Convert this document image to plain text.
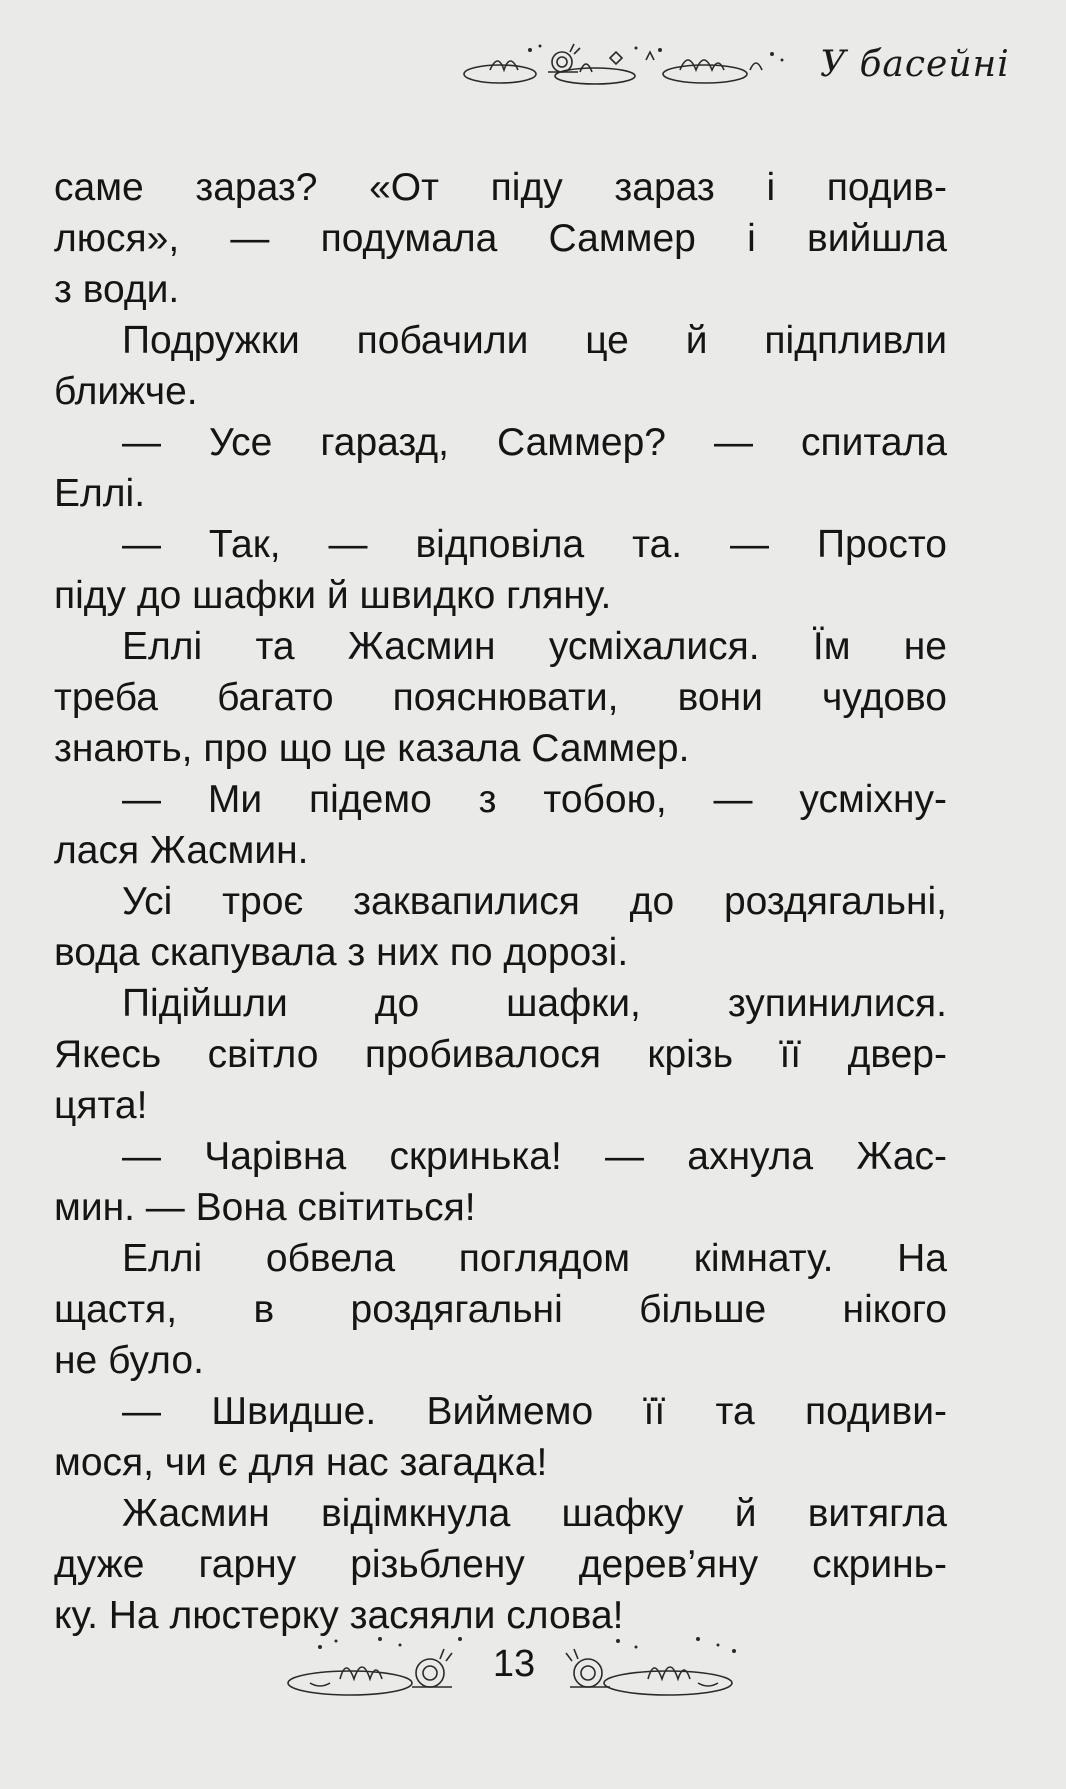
У басейні
саме зараз? «От піду зараз і подив-
люся», — подумала Саммер і вийшла
з води.
Подружки побачили це й підпливли
ближче.
— Усе гаразд, Саммер? — спитала
Еллі.
— Так, — відповіла та. — Просто
піду до шафки й швидко гляну.
Еллі та Жасмин усміхалися. Їм не
треба багато пояснювати, вони чудово
знають, про що це казала Саммер.
— Ми підемо з тобою, — усміхну-
лася Жасмин.
Усі троє заквапилися до роздягальні,
вода скапувала з них по дорозі.
Підійшли до шафки, зупинилися.
Якесь світло пробивалося крізь її двер-
цята!
— Чарівна скринька! — ахнула Жас-
мин. — Вона світиться!
Еллі обвела поглядом кімнату. На
щастя, в роздягальні більше нікого
не було.
— Швидше. Виймемо її та подиви-
мося, чи є для нас загадка!
Жасмин відімкнула шафку й витягла
дуже гарну різьблену дерев’яну скринь-
ку. На люстерку засяяли слова!
13
